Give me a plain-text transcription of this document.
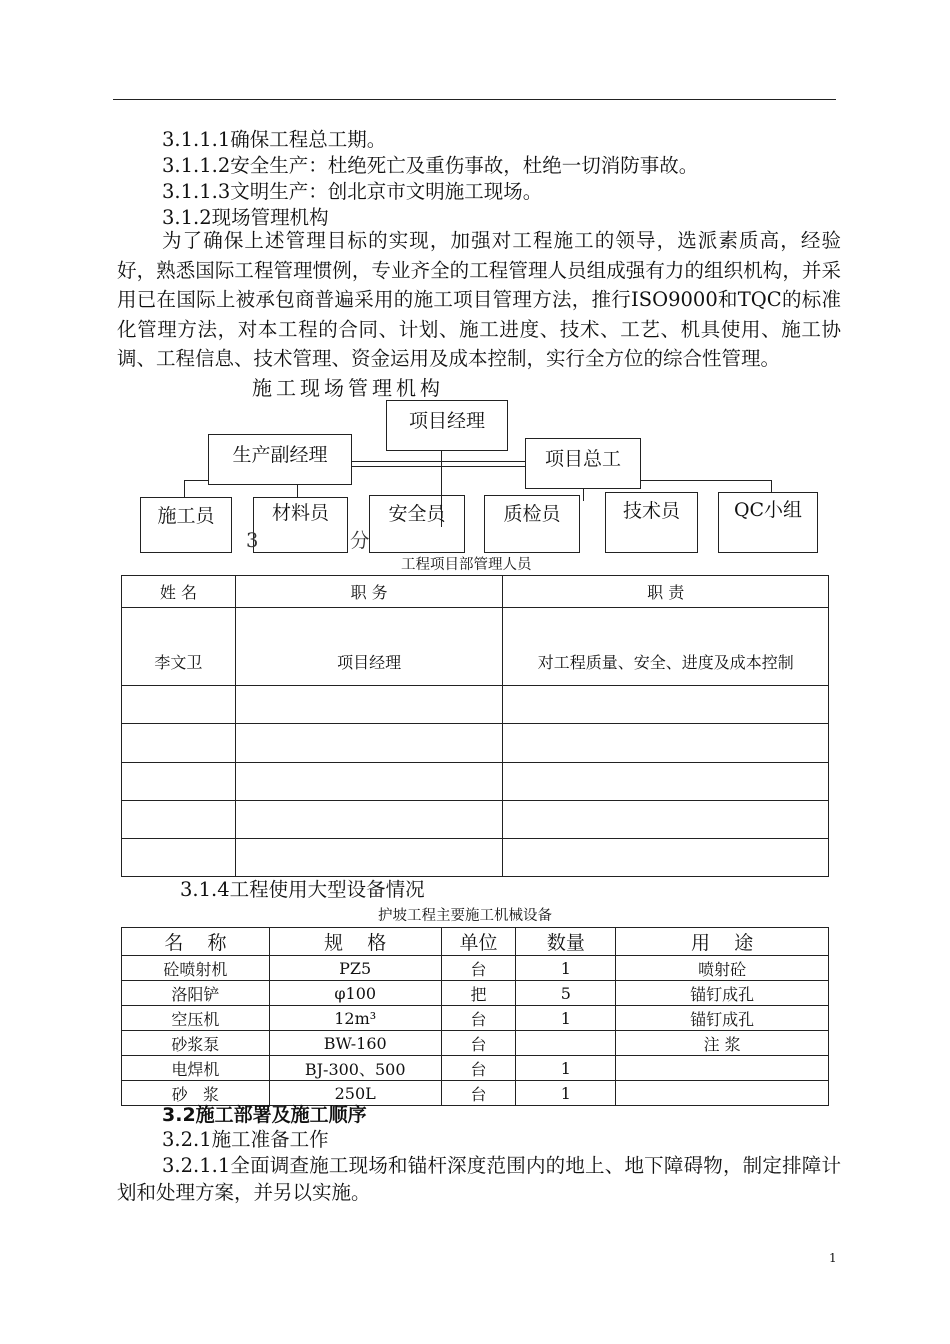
3.1.1.1确保工程总工期。
3.1.1.2安全生产：杜绝死亡及重伤事故，杜绝一切消防事故。
3.1.1.3文明生产：创北京市文明施工现场。
3.1.2现场管理机构
为了确保上述管理目标的实现，加强对工程施工的领导，选派素质高，经验好，熟悉国际工程管理惯例，专业齐全的工程管理人员组成强有力的组织机构，并采用已在国际上被承包商普遍采用的施工项目管理方法，推行ISO9000和TQC的标准化管理方法，对本工程的合同、计划、施工进度、技术、工艺、机具使用、施工协调、工程信息、技术管理、资金运用及成本控制，实行全方位的综合性管理。
施工现场管理机构
项目经理
生产副经理	项目总工
施工员	材料员	安全员	质检员	技术员	QC小组
3	分
工程项目部管理人员
姓 名	职 务	职 责
李文卫	项目经理	对工程质量、安全、进度及成本控制

3.1.4工程使用大型设备情况
护坡工程主要施工机械设备
名    称	规    格	单位	数量	用    途
砼喷射机	PZ5	台	1	喷射砼
洛阳铲	φ100	把	5	锚钉成孔
空压机	12m³	台	1	锚钉成孔
砂浆泵	BW-160	台		注 浆
电焊机	BJ-300、500	台	1	
砂   浆	250L	台	1	
3.2施工部署及施工顺序
3.2.1施工准备工作
3.2.1.1全面调查施工现场和锚杆深度范围内的地上、地下障碍物，制定排障计划和处理方案，并另以实施。
1
